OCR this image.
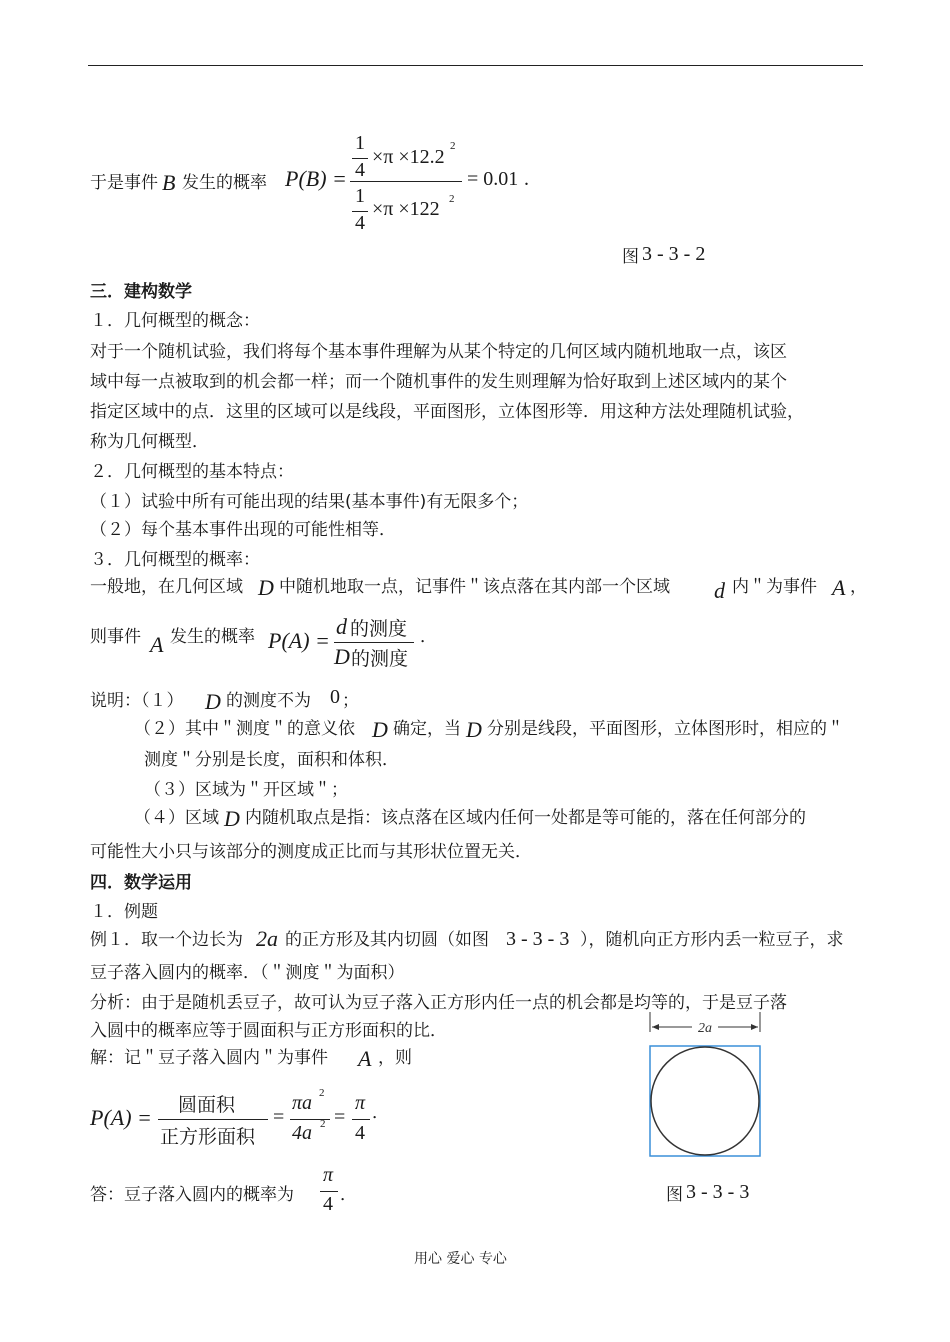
于是事件 B 发生的概率 P(B) =
1
4
×π ×12.2 2
1
4
×π ×122 2
= 0.01 .
图 3 - 3 - 2
三．建构数学
１．几何概型的概念：
对于一个随机试验，我们将每个基本事件理解为从某个特定的几何区域内随机地取一点，该区
域中每一点被取到的机会都一样；而一个随机事件的发生则理解为恰好取到上述区域内的某个
指定区域中的点．这里的区域可以是线段，平面图形，立体图形等．用这种方法处理随机试验，
称为几何概型．
２．几何概型的基本特点：
（１）试验中所有可能出现的结果(基本事件)有无限多个；
（２）每个基本事件出现的可能性相等．
３．几何概型的概率：
一般地，在几何区域 D 中随机地取一点，记事件＂该点落在其内部一个区域 d 内＂为事件 A ，
则事件 A 发生的概率 P(A) =
d 的测度
D 的测度
．
说明：（１） D 的测度不为 0 ；
（２）其中＂测度＂的意义依 D 确定，当 D 分别是线段，平面图形，立体图形时，相应的＂
测度＂分别是长度，面积和体积．
（３）区域为＂开区域＂；
（４）区域 D 内随机取点是指：该点落在区域内任何一处都是等可能的，落在任何部分的
可能性大小只与该部分的测度成正比而与其形状位置无关．
四．数学运用
１．例题
例１．取一个边长为 2a 的正方形及其内切圆（如图 3 - 3 - 3 ），随机向正方形内丢一粒豆子，求
豆子落入圆内的概率．（＂测度＂为面积）
分析：由于是随机丢豆子，故可认为豆子落入正方形内任一点的机会都是均等的，于是豆子落
入圆中的概率应等于圆面积与正方形面积的比．
解：记＂豆子落入圆内＂为事件 A ，则
P(A) = 圆面积
正方形面积
=
πa 2
4a 2 =
π
4
．
答：豆子落入圆内的概率为
π
4 ．
2a
图 3 - 3 - 3
用心 爱心 专心
